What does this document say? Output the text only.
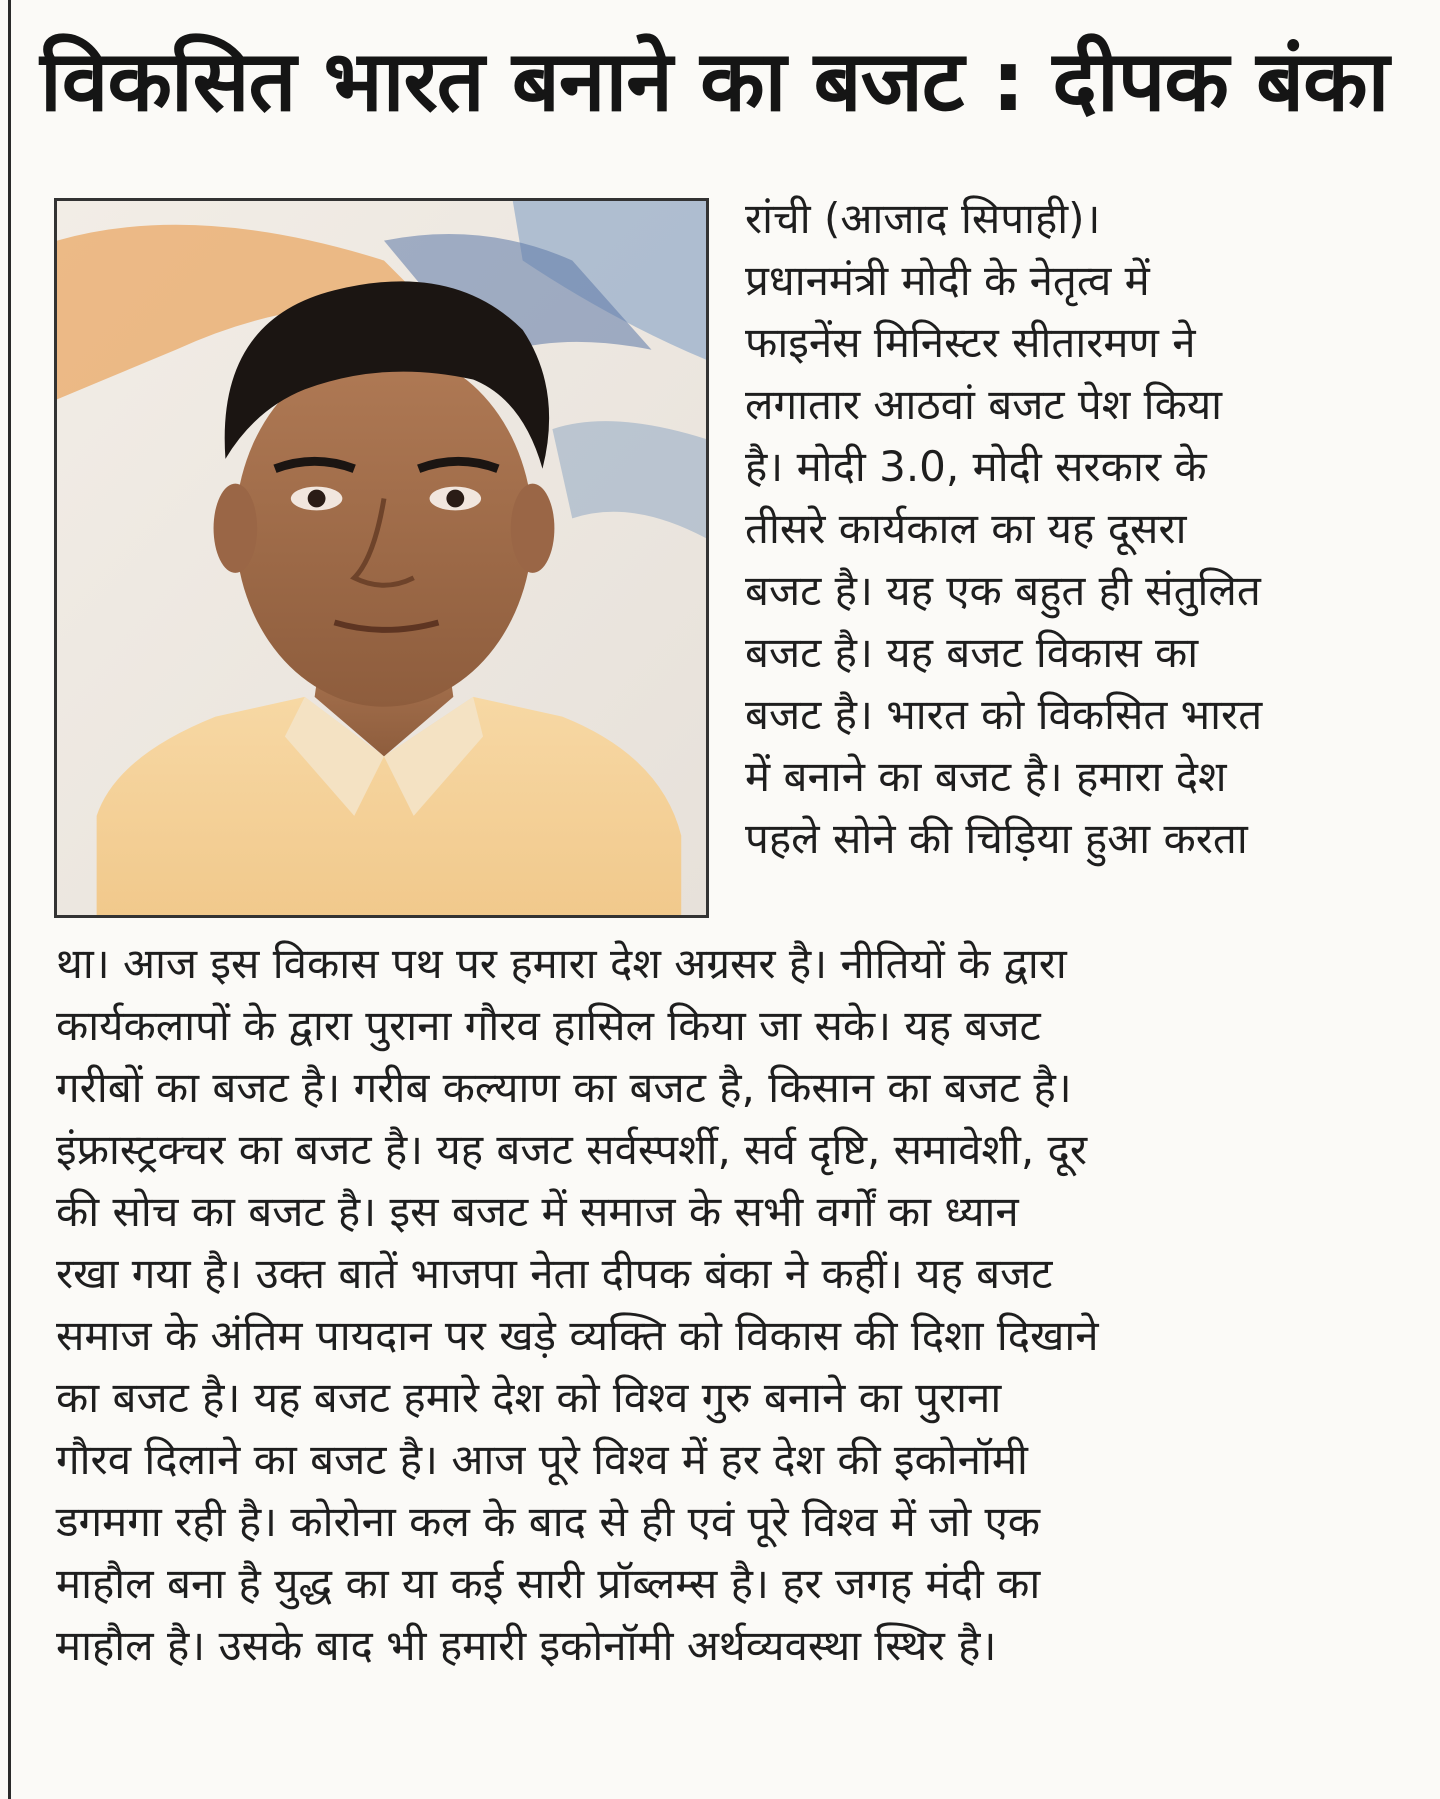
विकसित भारत बनाने का बजट : दीपक बंका
रांची (आजाद सिपाही)।
प्रधानमंत्री मोदी के नेतृत्व में
फाइनेंस मिनिस्टर सीतारमण ने
लगातार आठवां बजट पेश किया
है। मोदी 3.0, मोदी सरकार के
तीसरे कार्यकाल का यह दूसरा
बजट है। यह एक बहुत ही संतुलित
बजट है। यह बजट विकास का
बजट है। भारत को विकसित भारत
में बनाने का बजट है। हमारा देश
पहले सोने की चिड़िया हुआ करता
था। आज इस विकास पथ पर हमारा देश अग्रसर है। नीतियों के द्वारा
कार्यकलापों के द्वारा पुराना गौरव हासिल किया जा सके। यह बजट
गरीबों का बजट है। गरीब कल्याण का बजट है, किसान का बजट है।
इंफ्रास्ट्रक्चर का बजट है। यह बजट सर्वस्पर्शी, सर्व दृष्टि, समावेशी, दूर
की सोच का बजट है। इस बजट में समाज के सभी वर्गों का ध्यान
रखा गया है। उक्त बातें भाजपा नेता दीपक बंका ने कहीं। यह बजट
समाज के अंतिम पायदान पर खड़े व्यक्ति को विकास की दिशा दिखाने
का बजट है। यह बजट हमारे देश को विश्व गुरु बनाने का पुराना
गौरव दिलाने का बजट है। आज पूरे विश्व में हर देश की इकोनॉमी
डगमगा रही है। कोरोना कल के बाद से ही एवं पूरे विश्व में जो एक
माहौल बना है युद्ध का या कई सारी प्रॉब्लम्स है। हर जगह मंदी का
माहौल है। उसके बाद भी हमारी इकोनॉमी अर्थव्यवस्था स्थिर है।
